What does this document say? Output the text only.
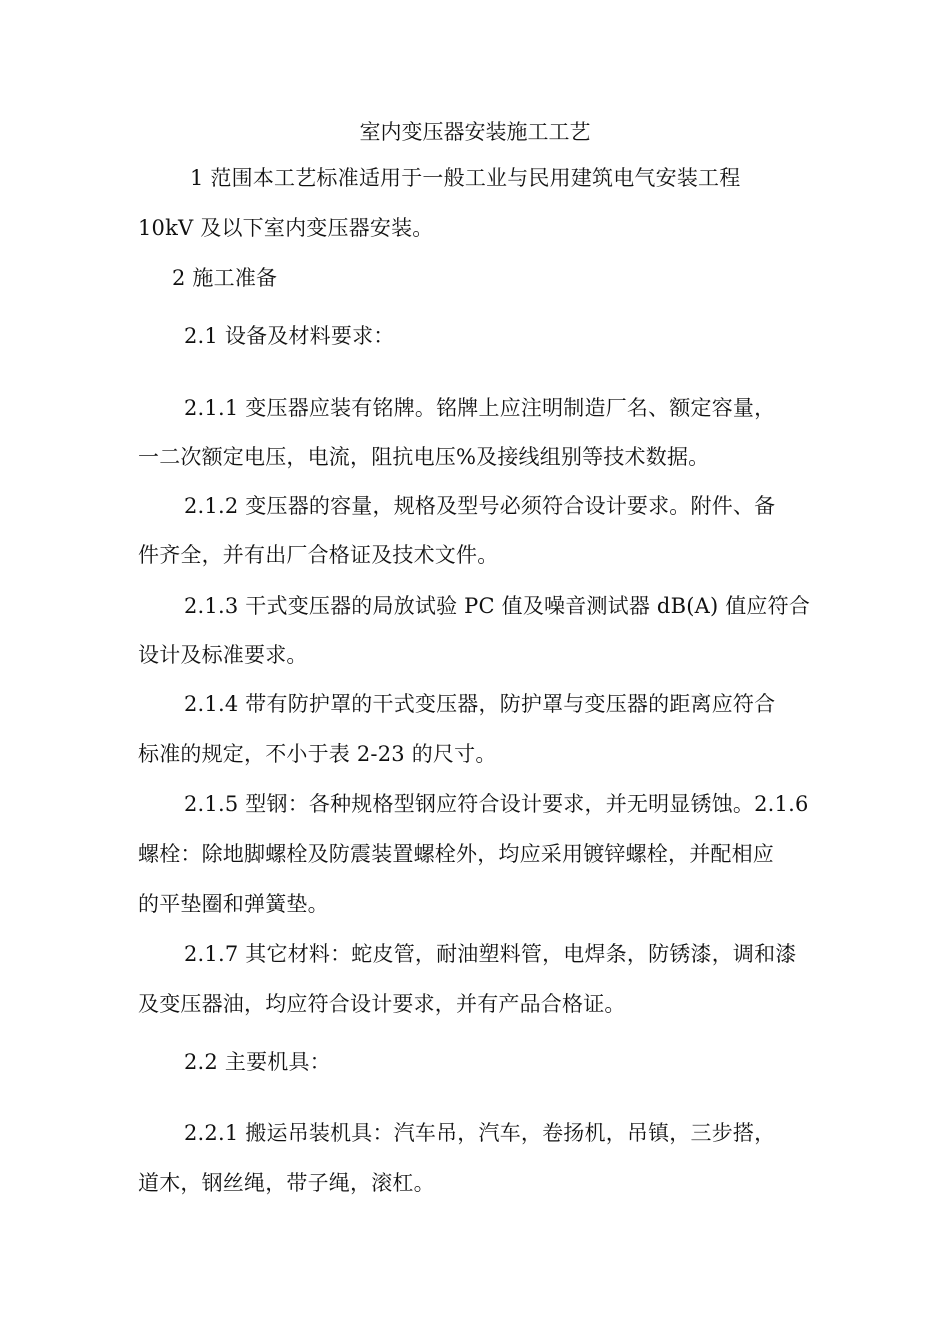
室内变压器安装施工工艺
1 范围本工艺标准适用于一般工业与民用建筑电气安装工程
10kV 及以下室内变压器安装。
2 施工准备
2.1 设备及材料要求：
2.1.1 变压器应装有铭牌。铭牌上应注明制造厂名、额定容量，
一二次额定电压，电流，阻抗电压%及接线组别等技术数据。
2.1.2 变压器的容量，规格及型号必须符合设计要求。附件、备
件齐全，并有出厂合格证及技术文件。
2.1.3 干式变压器的局放试验 PC 值及噪音测试器 dB(A) 值应符合
设计及标准要求。
2.1.4 带有防护罩的干式变压器，防护罩与变压器的距离应符合
标准的规定，不小于表 2-23 的尺寸。
2.1.5 型钢：各种规格型钢应符合设计要求，并无明显锈蚀。2.1.6
螺栓：除地脚螺栓及防震装置螺栓外，均应采用镀锌螺栓，并配相应
的平垫圈和弹簧垫。
2.1.7 其它材料：蛇皮管，耐油塑料管，电焊条，防锈漆，调和漆
及变压器油，均应符合设计要求，并有产品合格证。
2.2 主要机具：
2.2.1 搬运吊装机具：汽车吊，汽车，卷扬机，吊镇，三步搭，
道木，钢丝绳，带子绳，滚杠。
